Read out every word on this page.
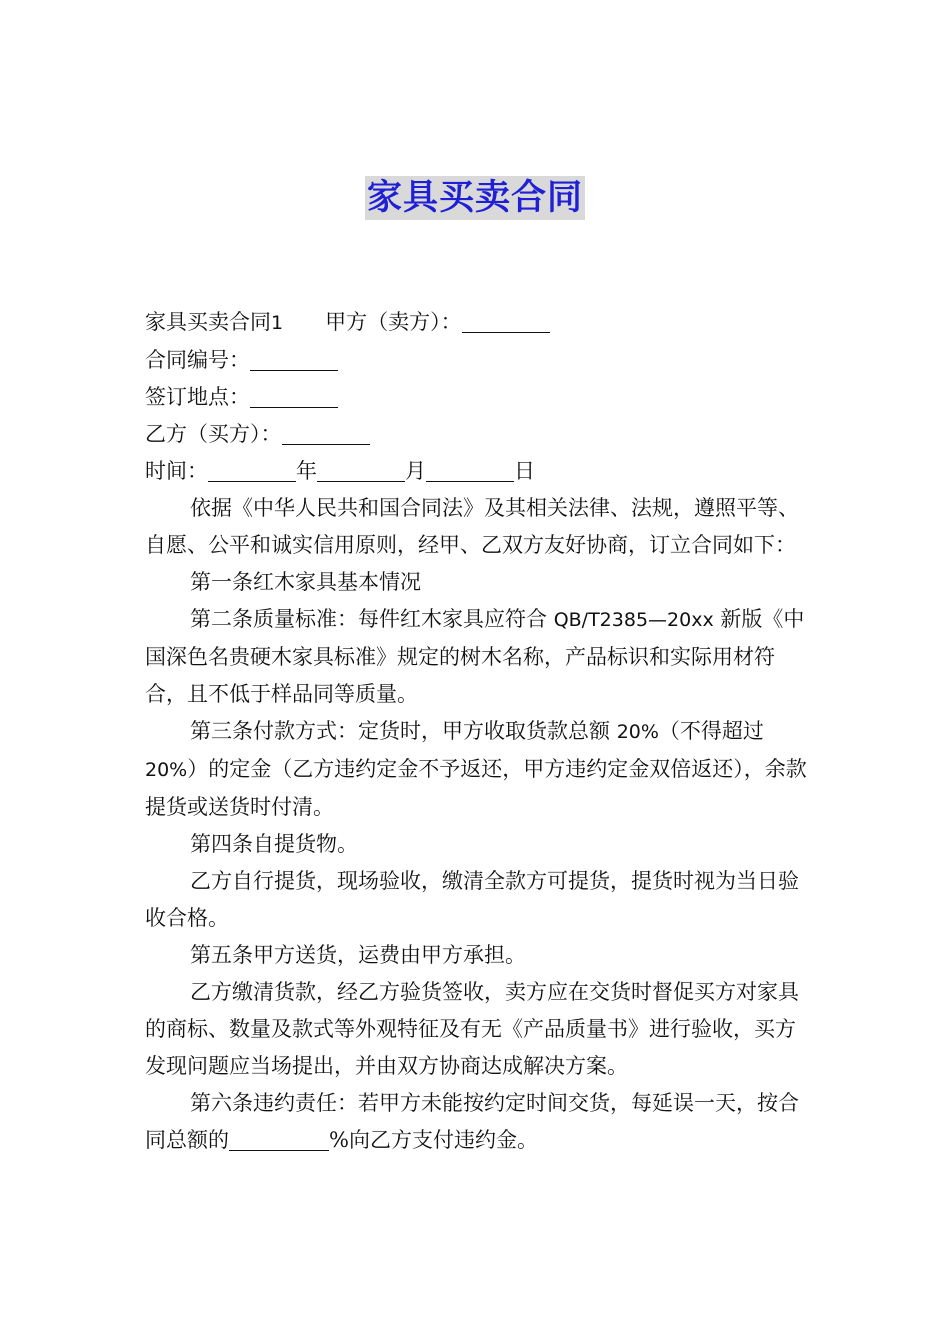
家具买卖合同

家具买卖合同1 甲方（卖方）：

合同编号：

签订地点：

乙方（买方）：

时间：	年	月	日

依据《中华人民共和国合同法》及其相关法律、法规，遵照平等、自愿、公平和诚实信用原则，经甲、乙双方友好协商，订立合同如下：

第一条红木家具基本情况

第二条质量标准：每件红木家具应符合 QB/T2385—20xx 新版《中国深色名贵硬木家具标准》规定的树木名称，产品标识和实际用材符合，且不低于样品同等质量。

第三条付款方式：定货时，甲方收取货款总额 20%（不得超过 20%）的定金（乙方违约定金不予返还，甲方违约定金双倍返还），余款提货或送货时付清。

第四条自提货物。

乙方自行提货，现场验收，缴清全款方可提货，提货时视为当日验收合格。

第五条甲方送货，运费由甲方承担。

乙方缴清货款，经乙方验货签收，卖方应在交货时督促买方对家具的商标、数量及款式等外观特征及有无《产品质量书》进行验收，买方发现问题应当场提出，并由双方协商达成解决方案。

第六条违约责任：若甲方未能按约定时间交货，每延误一天，按合同总额的	%向乙方支付违约金。
